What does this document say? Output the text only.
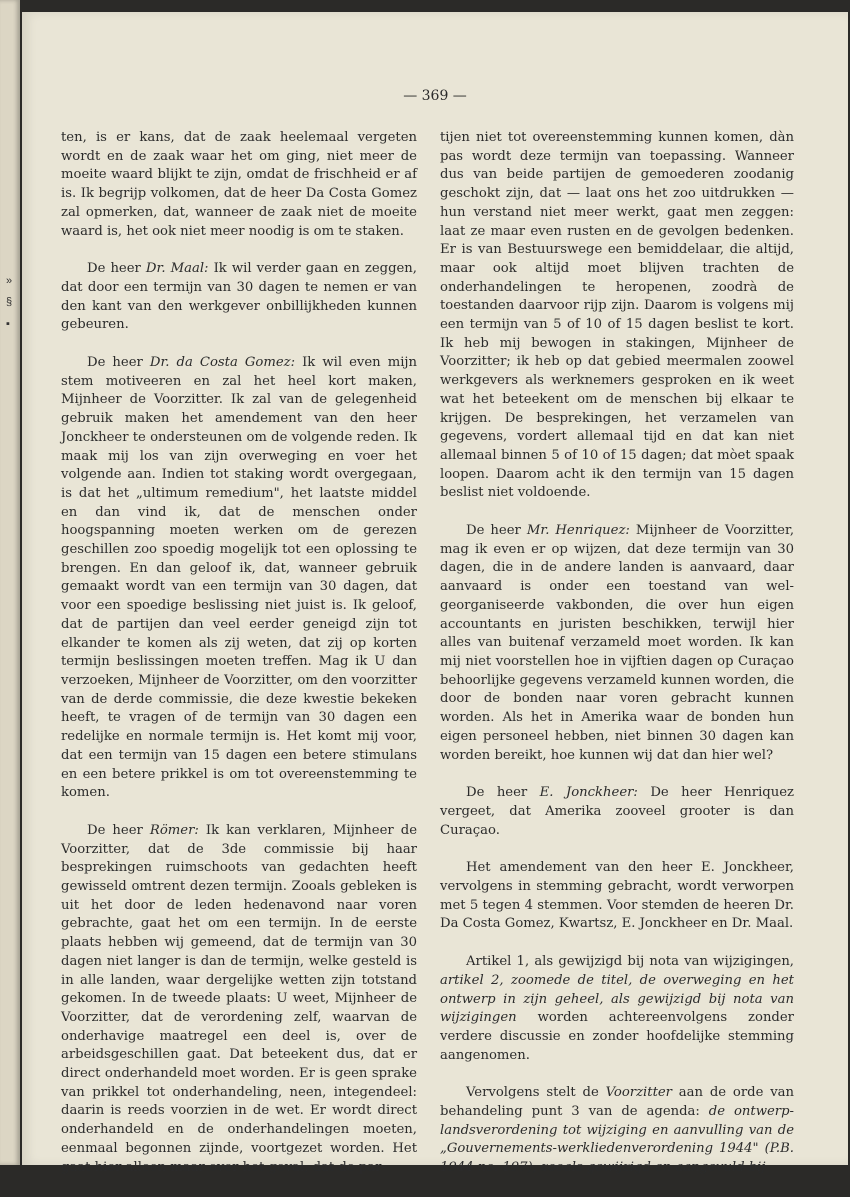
»
§
▪
— 369 —

ten, is er kans, dat de zaak heelemaal vergeten wordt en de zaak waar het om ging, niet meer de moeite waard blijkt te zijn, omdat de frischheid er af is. Ik begrijp volkomen, dat de heer Da Costa Gomez zal opmerken, dat, wanneer de zaak niet de moeite waard is, het ook niet meer noodig is om te staken.

De heer Dr. Maal: Ik wil verder gaan en zeggen, dat door een termijn van 30 dagen te nemen er van den kant van den werkgever onbillijkheden kunnen gebeuren.

De heer Dr. da Costa Gomez: Ik wil even mijn stem motiveeren en zal het heel kort maken, Mijnheer de Voorzitter. Ik zal van de gelegenheid gebruik maken het amendement van den heer Jonckheer te ondersteunen om de volgende reden. Ik maak mij los van zijn overweging en voer het volgende aan. Indien tot staking wordt overgegaan, is dat het „ultimum remedium", het laatste middel en dan vind ik, dat de menschen onder hoogspanning moeten werken om de gerezen geschillen zoo spoedig mogelijk tot een oplossing te brengen. En dan geloof ik, dat, wanneer gebruik gemaakt wordt van een termijn van 30 dagen, dat voor een spoedige beslissing niet juist is. Ik geloof, dat de partijen dan veel eerder geneigd zijn tot elkander te komen als zij weten, dat zij op korten termijn beslissingen moeten treffen. Mag ik U dan verzoeken, Mijnheer de Voorzitter, om den voorzitter van de derde commissie, die deze kwestie bekeken heeft, te vragen of de termijn van 30 dagen een redelijke en normale termijn is. Het komt mij voor, dat een termijn van 15 dagen een betere stimulans en een betere prikkel is om tot overeenstemming te komen.

De heer Römer: Ik kan verklaren, Mijnheer de Voorzitter, dat de 3de commissie bij haar besprekingen ruimschoots van gedachten heeft gewisseld omtrent dezen termijn. Zooals gebleken is uit het door de leden hedenavond naar voren gebrachte, gaat het om een termijn. In de eerste plaats hebben wij gemeend, dat de termijn van 30 dagen niet langer is dan de termijn, welke gesteld is in alle landen, waar dergelijke wetten zijn totstand gekomen. In de tweede plaats: U weet, Mijnheer de Voorzitter, dat de verordening zelf, waarvan de onderhavige maatregel een deel is, over de arbeidsgeschillen gaat. Dat beteekent dus, dat er direct onderhandeld moet worden. Er is geen sprake van prikkel tot onderhandeling, neen, integendeel: daarin is reeds voorzien in de wet. Er wordt direct onderhandeld en de onderhandelingen moeten, eenmaal begonnen zijnde, voortgezet worden. Het gaat hier alleen maar over het geval, dat de par-

tijen niet tot overeenstemming kunnen komen, dàn pas wordt deze termijn van toepassing. Wanneer dus van beide partijen de gemoederen zoodanig geschokt zijn, dat — laat ons het zoo uitdrukken — hun verstand niet meer werkt, gaat men zeggen: laat ze maar even rusten en de gevolgen bedenken. Er is van Bestuurswege een bemiddelaar, die altijd, maar ook altijd moet blijven trachten de onderhandelingen te heropenen, zoodrà de toestanden daarvoor rijp zijn. Daarom is volgens mij een termijn van 5 of 10 of 15 dagen beslist te kort. Ik heb mij bewogen in stakingen, Mijnheer de Voorzitter; ik heb op dat gebied meermalen zoowel werkgevers als werknemers gesproken en ik weet wat het beteekent om de menschen bij elkaar te krijgen. De besprekingen, het verzamelen van gegevens, vordert allemaal tijd en dat kan niet allemaal binnen 5 of 10 of 15 dagen; dat mòet spaak loopen. Daarom acht ik den termijn van 15 dagen beslist niet voldoende.

De heer Mr. Henriquez: Mijnheer de Voorzitter, mag ik even er op wijzen, dat deze termijn van 30 dagen, die in de andere landen is aanvaard, daar aanvaard is onder een toestand van wel-georganiseerde vakbonden, die over hun eigen accountants en juristen beschikken, terwijl hier alles van buitenaf verzameld moet worden. Ik kan mij niet voorstellen hoe in vijftien dagen op Curaçao behoorlijke gegevens verzameld kunnen worden, die door de bonden naar voren gebracht kunnen worden. Als het in Amerika waar de bonden hun eigen personeel hebben, niet binnen 30 dagen kan worden bereikt, hoe kunnen wij dat dan hier wel?

De heer E. Jonckheer: De heer Henriquez vergeet, dat Amerika zooveel grooter is dan Curaçao.

Het amendement van den heer E. Jonckheer, vervolgens in stemming gebracht, wordt verworpen met 5 tegen 4 stemmen. Voor stemden de heeren Dr. Da Costa Gomez, Kwartsz, E. Jonckheer en Dr. Maal.

Artikel 1, als gewijzigd bij nota van wijzigingen, artikel 2, zoomede de titel, de overweging en het ontwerp in zijn geheel, als gewijzigd bij nota van wijzigingen worden achtereenvolgens zonder verdere discussie en zonder hoofdelijke stemming aangenomen.

Vervolgens stelt de Voorzitter aan de orde van behandeling punt 3 van de agenda: de ontwerp-landsverordening tot wijziging en aanvulling van de „Gouvernements-werkliedenverordening 1944" (P.B. 1944 no. 197), zooals gewijzigd en aangevuld bij
